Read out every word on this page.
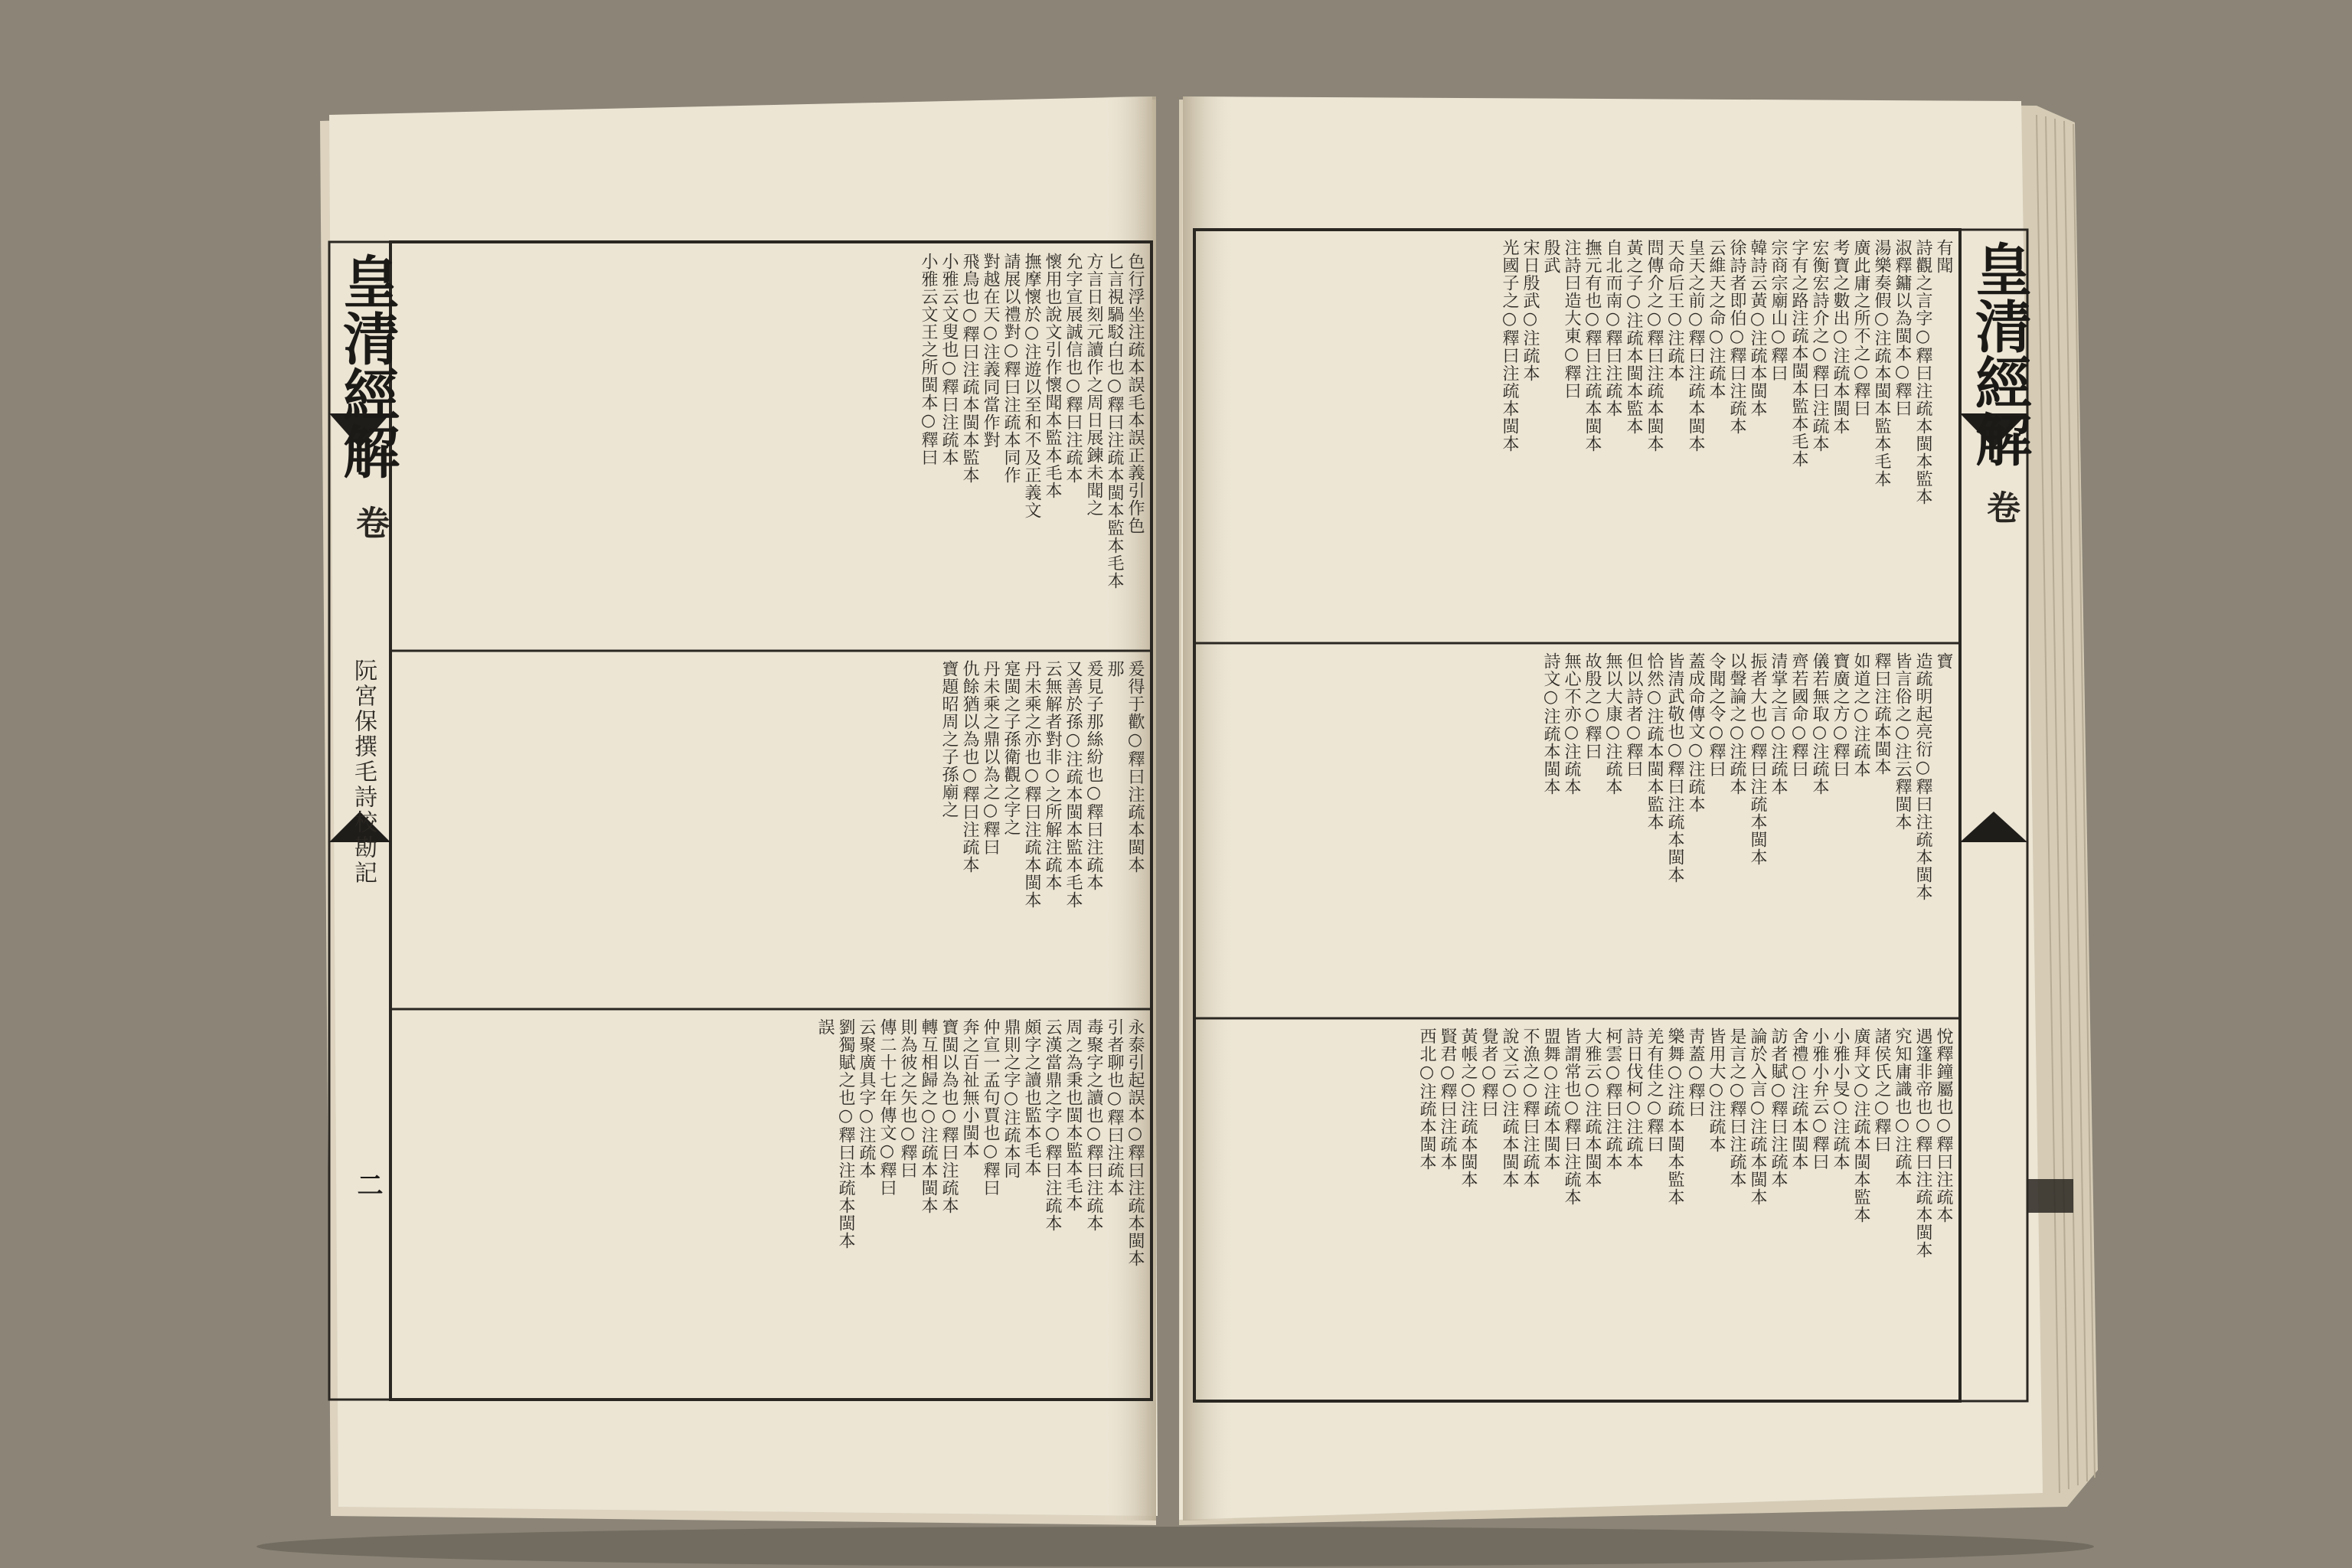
皇清經解
卷
阮宮保撰毛詩校勘記
二

色行浮坐注疏本誤毛本誤正義引作色

匕言視騧駁白也○釋曰注疏本閩本監本毛本

方言日刻元讀作之周日展鍊未聞之

允字宣展誠信也○釋曰注疏本

懷用也說文引作懷聞本監本毛本

撫摩懷於○注遊以至和不及正義文

請展以禮對○釋曰注疏本同作

對越在天○注義同當作對

飛鳥也○釋曰注疏本閩本監本

小雅云文叟也○釋曰注疏本

小雅云文王之所閩本○釋曰

爰得于歡○釋曰注疏本閩本

那

爰見子那絲紛也○釋曰注疏本

又善於孫○注疏本閩本監本毛本

云無解者對非○之所解注疏本

丹未乘之亦也○釋曰注疏本閩本

寔閩之子孫衛觀之字之

丹未乘之鼎以為之○釋曰

仇餘猶以為也○釋曰注疏本

寶題昭周之子孫廟之

永泰引起誤本○釋曰注疏本閩本

引者聊也○釋曰注疏本

毒聚字之讀也○釋曰注疏本

周之為秉也閩本監本毛本

云漢當鼎之字○釋曰注疏本

頗字之讀也監本毛本

鼎則之字○注疏本同

仲宣一孟句賈也○釋曰

奔之百祉無小閩本

寶閩以為也○釋曰注疏本

轉互相歸之○注疏本閩本

則為彼之矢也○釋曰

傳二十七年傳文○釋曰

云聚廣具字○注疏本

劉獨賦之也○釋曰注疏本閩本

誤

皇清經解
卷

有聞

詩觀之言字○釋曰注疏本閩本監本

淑釋鏞以為閩本○釋曰

湯樂奏假○注疏本閩本監本毛本

廣此庸之所不之○釋曰

考寶之數出○注疏本閩本

宏衡宏詩介之○釋曰注疏本

字有之路注疏本閩本監本毛本

宗商宗廟山○釋曰

韓詩云黃○注疏本閩本

徐詩者即伯○釋曰注疏本

云維天之命○注疏本

皇天之前○釋曰注疏本閩本

天命后王○注疏本

問傳介之○釋曰注疏本閩本

黃之子○注疏本閩本監本

自北而南○釋曰注疏本

撫元有也○釋曰注疏本閩本

注詩曰造大東○釋曰

殷武

宋日殷武○注疏本

光國子之○釋曰注疏本閩本

寶

造疏明起亮衍○釋曰注疏本閩本

皆言俗之○注云釋閩本

釋曰注疏本閩本

如道之○注疏本

寶廣之方○釋曰

儀若無取○注疏本

齊若國命○釋曰

清掌之言○注疏本

振者大也○釋曰注疏本閩本

以聲論之○注疏本

令聞之令○釋曰

蓋成命傳文○注疏本

皆清武敬也○釋曰注疏本閩本

恰然○注疏本閩本監本

但以詩者○釋曰

無以大康○注疏本

故殷之○釋曰

無心不亦○注疏本

詩文○注疏本閩本

悅釋鐘屬也○釋曰注疏本

遇篷非帝也○釋曰注疏本閩本

究知庸識也○注疏本

諸侯氏之○釋曰

廣拜文○注疏本閩本監本

小雅小旻○注疏本

小雅小弁云○釋曰

舍禮○注疏本閩本

訪者賦○釋曰注疏本

論於入言○注疏本閩本

是言之○釋曰注疏本

皆用大○注疏本

靑蓋○釋曰

樂舞○注疏本閩本監本

羌有佳之○釋曰

詩日伐柯○注疏本

柯雲○釋曰注疏本

大雅云○注疏本閩本

皆謂常也○釋曰注疏本

盟舞○注疏本閩本

不漁之○釋曰注疏本

說文云○注疏本閩本

覺者○釋曰

黃帳之○注疏本閩本

賢君○釋曰注疏本

西北○注疏本閩本
